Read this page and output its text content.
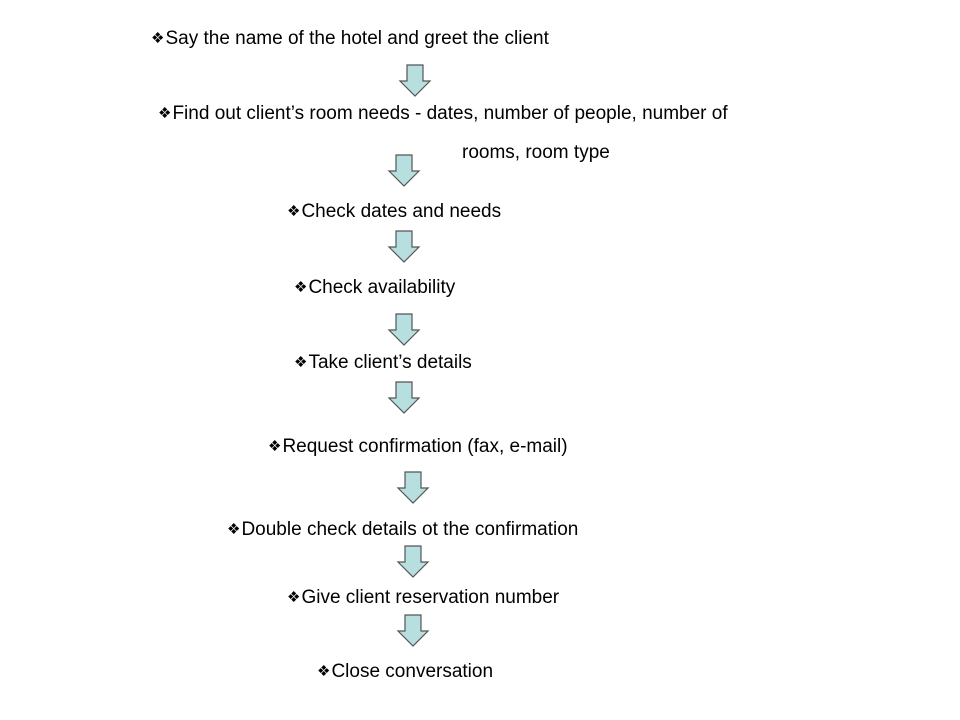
❖Say the name of the hotel and greet the client
❖Find out client’s room needs - dates, number of people, number of
rooms, room type
❖Check dates and needs
❖Check availability
❖Take client’s details
❖Request confirmation (fax, e-mail)
❖Double check details ot the confirmation
❖Give client reservation number
❖Close conversation
